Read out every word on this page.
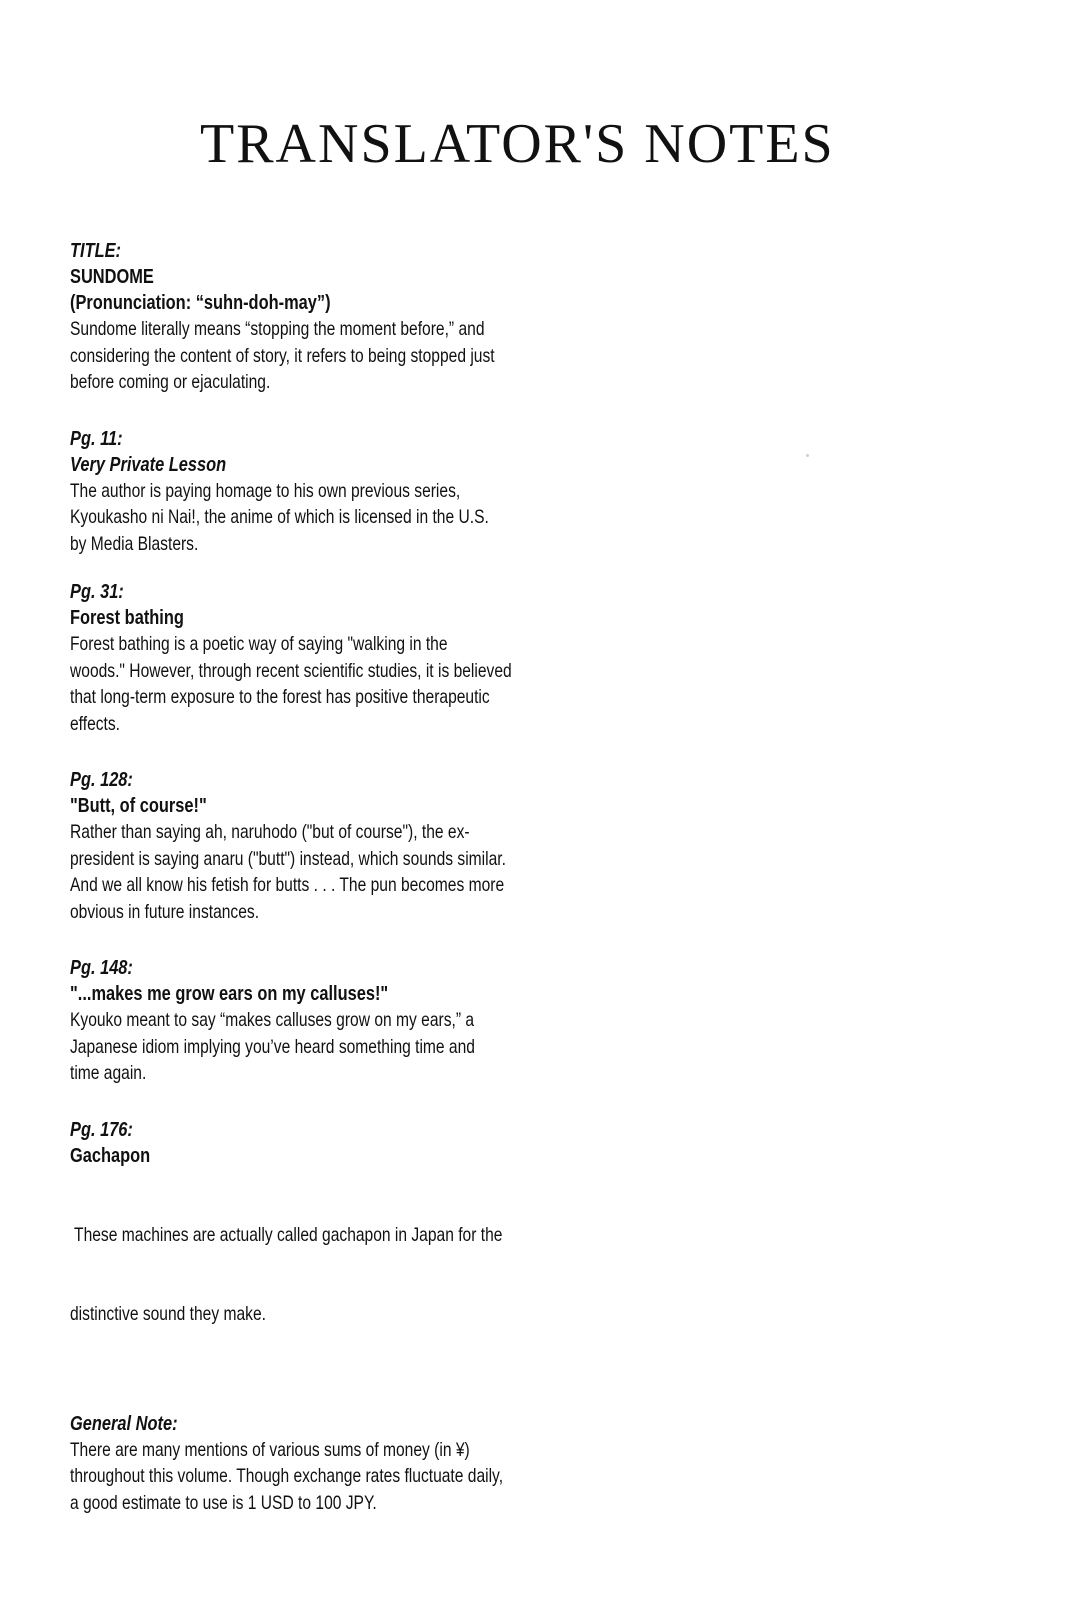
TRANSLATOR'S NOTES
TITLE:
SUNDOME
(Pronunciation: “suhn-doh-may”)

Sundome literally means “stopping the moment before,” and

considering the content of story, it refers to being stopped just

before coming or ejaculating.

Pg. 11:
Very Private Lesson

The author is paying homage to his own previous series,

Kyoukasho ni Nai!, the anime of which is licensed in the U.S.

by Media Blasters.

Pg. 31:
Forest bathing

Forest bathing is a poetic way of saying "walking in the

woods." However, through recent scientific studies, it is believed

that long-term exposure to the forest has positive therapeutic

effects.

Pg. 128:
"Butt, of course!"

Rather than saying ah, naruhodo ("but of course"), the ex-

president is saying anaru ("butt") instead, which sounds similar.

And we all know his fetish for butts . . . The pun becomes more

obvious in future instances.

Pg. 148:
"...makes me grow ears on my calluses!"

Kyouko meant to say “makes calluses grow on my ears,” a

Japanese idiom implying you’ve heard something time and

time again.

Pg. 176:
Gachapon

These machines are actually called gachapon in Japan for the

distinctive sound they make.

General Note:

There are many mentions of various sums of money (in ¥)

throughout this volume. Though exchange rates fluctuate daily,

a good estimate to use is 1 USD to 100 JPY.
